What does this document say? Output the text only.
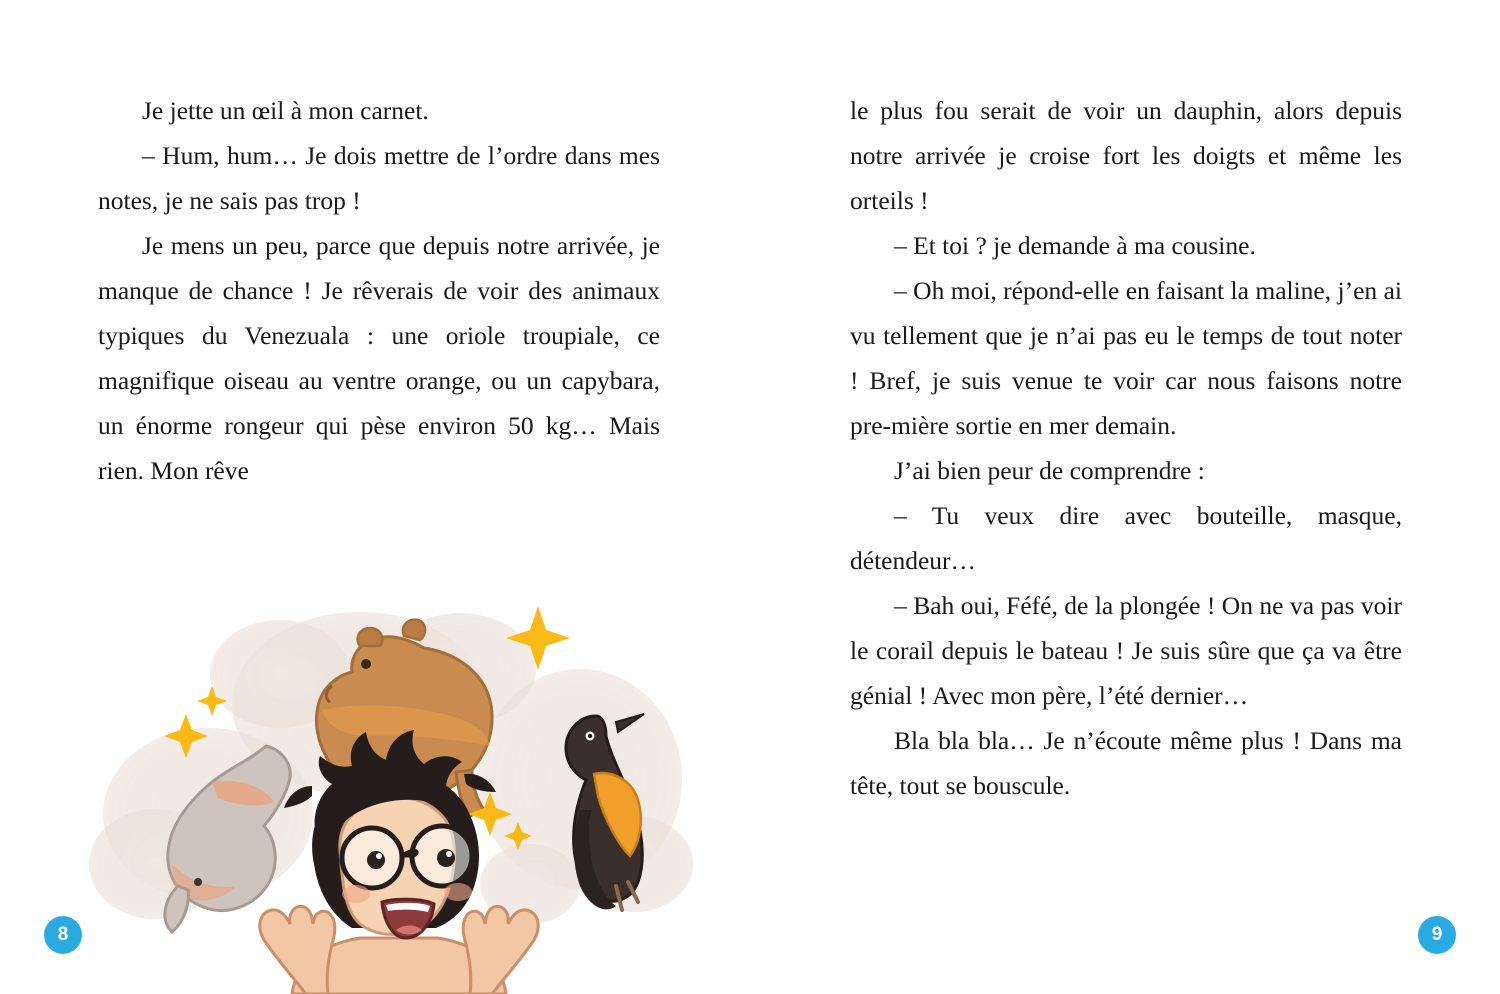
Je jette un œil à mon carnet.

– Hum, hum… Je dois mettre de l’ordre dans mes notes, je ne sais pas trop !

Je mens un peu, parce que depuis notre arrivée, je manque de chance ! Je rêverais de voir des animaux typiques du Venezuala : une oriole troupiale, ce magnifique oiseau au ventre orange, ou un capybara, un énorme rongeur qui pèse environ 50 kg… Mais rien. Mon rêve

8

le plus fou serait de voir un dauphin, alors depuis notre arrivée je croise fort les doigts et même les orteils !

– Et toi ? je demande à ma cousine.

– Oh moi, répond-elle en faisant la maline, j’en ai vu tellement que je n’ai pas eu le temps de tout noter ! Bref, je suis venue te voir car nous faisons notre pre-mière sortie en mer demain.

J’ai bien peur de comprendre :

– Tu veux dire avec bouteille, masque, détendeur…

– Bah oui, Féfé, de la plongée ! On ne va pas voir le corail depuis le bateau ! Je suis sûre que ça va être génial ! Avec mon père, l’été dernier…

Bla bla bla… Je n’écoute même plus ! Dans ma tête, tout se bouscule.

9
